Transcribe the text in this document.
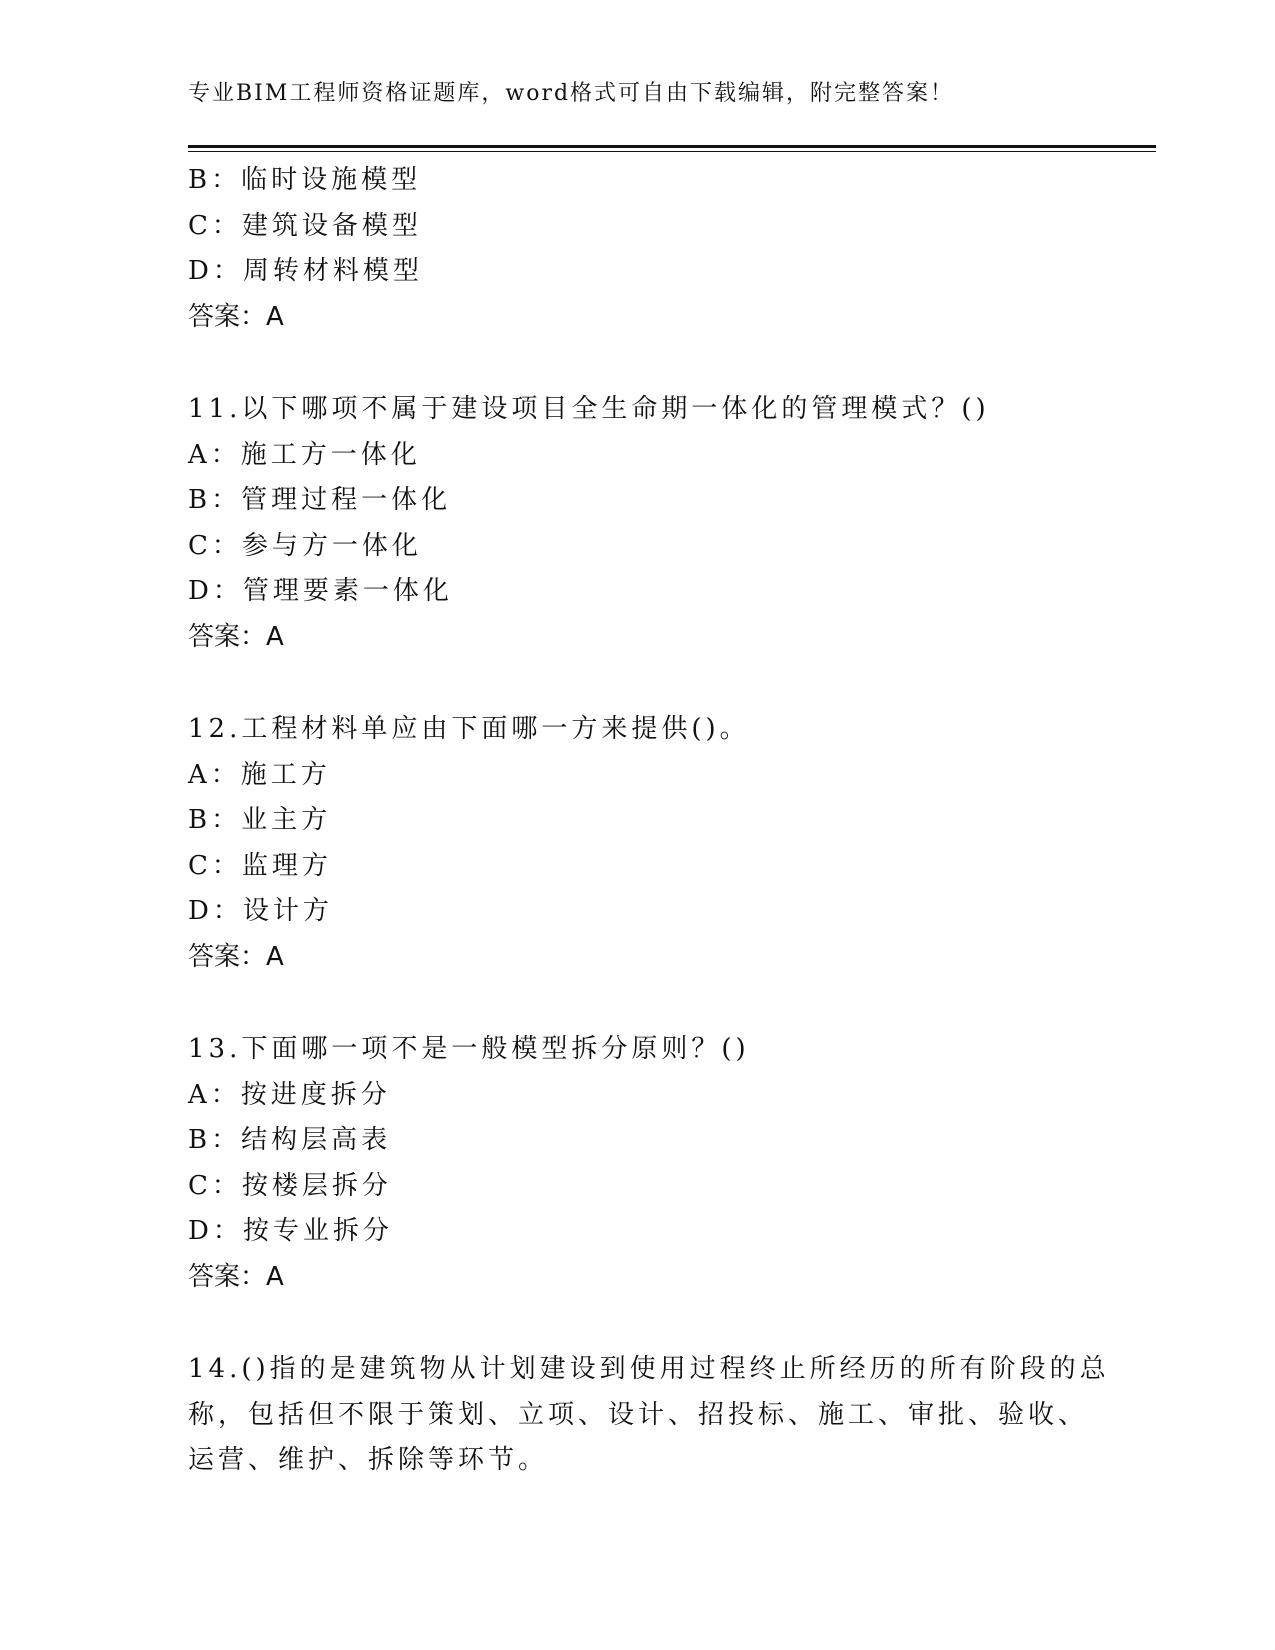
专业BIM工程师资格证题库，word格式可自由下载编辑，附完整答案！
B：临时设施模型
C：建筑设备模型
D：周转材料模型
答案：A
11.以下哪项不属于建设项目全生命期一体化的管理模式？()
A：施工方一体化
B：管理过程一体化
C：参与方一体化
D：管理要素一体化
答案：A
12.工程材料单应由下面哪一方来提供()。
A：施工方
B：业主方
C：监理方
D：设计方
答案：A
13.下面哪一项不是一般模型拆分原则？()
A：按进度拆分
B：结构层高表
C：按楼层拆分
D：按专业拆分
答案：A
14.()指的是建筑物从计划建设到使用过程终止所经历的所有阶段的总
称，包括但不限于策划、立项、设计、招投标、施工、审批、验收、
运营、维护、拆除等环节。
